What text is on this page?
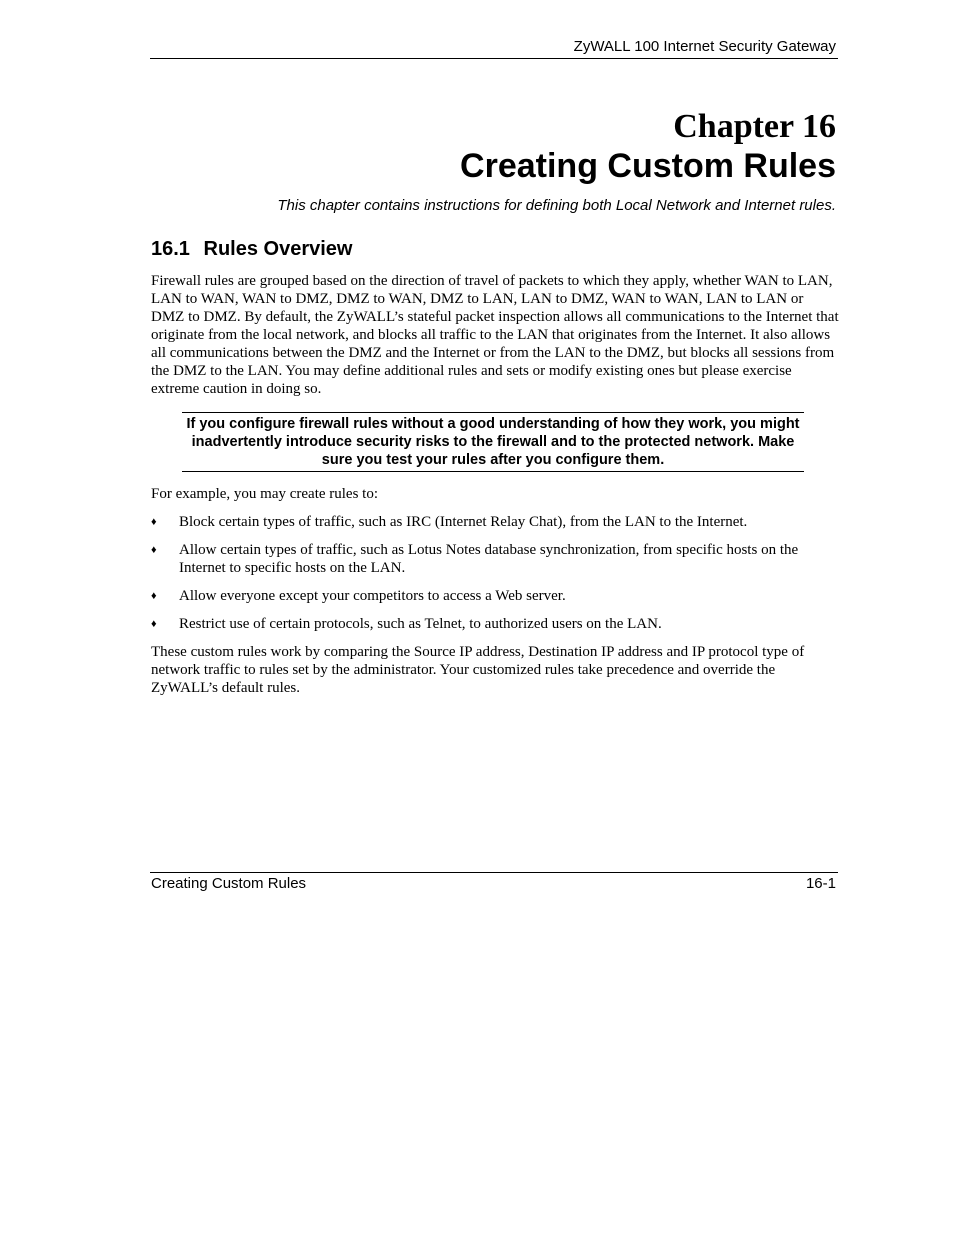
ZyWALL 100 Internet Security Gateway
Chapter 16
Creating Custom Rules
This chapter contains instructions for defining both Local Network and Internet rules.
16.1 Rules Overview

Firewall rules are grouped based on the direction of travel of packets to which they apply, whether WAN to LAN, LAN to WAN, WAN to DMZ, DMZ to WAN, DMZ to LAN, LAN to DMZ, WAN to WAN, LAN to LAN or DMZ to DMZ. By default, the ZyWALL’s stateful packet inspection allows all communications to the Internet that originate from the local network, and blocks all traffic to the LAN that originates from the Internet. It also allows all communications between the DMZ and the Internet or from the LAN to the DMZ, but blocks all sessions from the DMZ to the LAN. You may define additional rules and sets or modify existing ones but please exercise extreme caution in doing so.

If you configure firewall rules without a good understanding of how they work, you might inadvertently introduce security risks to the firewall and to the protected network. Make sure you test your rules after you configure them.

For example, you may create rules to:

♦ Block certain types of traffic, such as IRC (Internet Relay Chat), from the LAN to the Internet.
♦ Allow certain types of traffic, such as Lotus Notes database synchronization, from specific hosts on the Internet to specific hosts on the LAN.
♦ Allow everyone except your competitors to access a Web server.
♦ Restrict use of certain protocols, such as Telnet, to authorized users on the LAN.

These custom rules work by comparing the Source IP address, Destination IP address and IP protocol type of network traffic to rules set by the administrator. Your customized rules take precedence and override the ZyWALL’s default rules.

Creating Custom Rules	16-1
